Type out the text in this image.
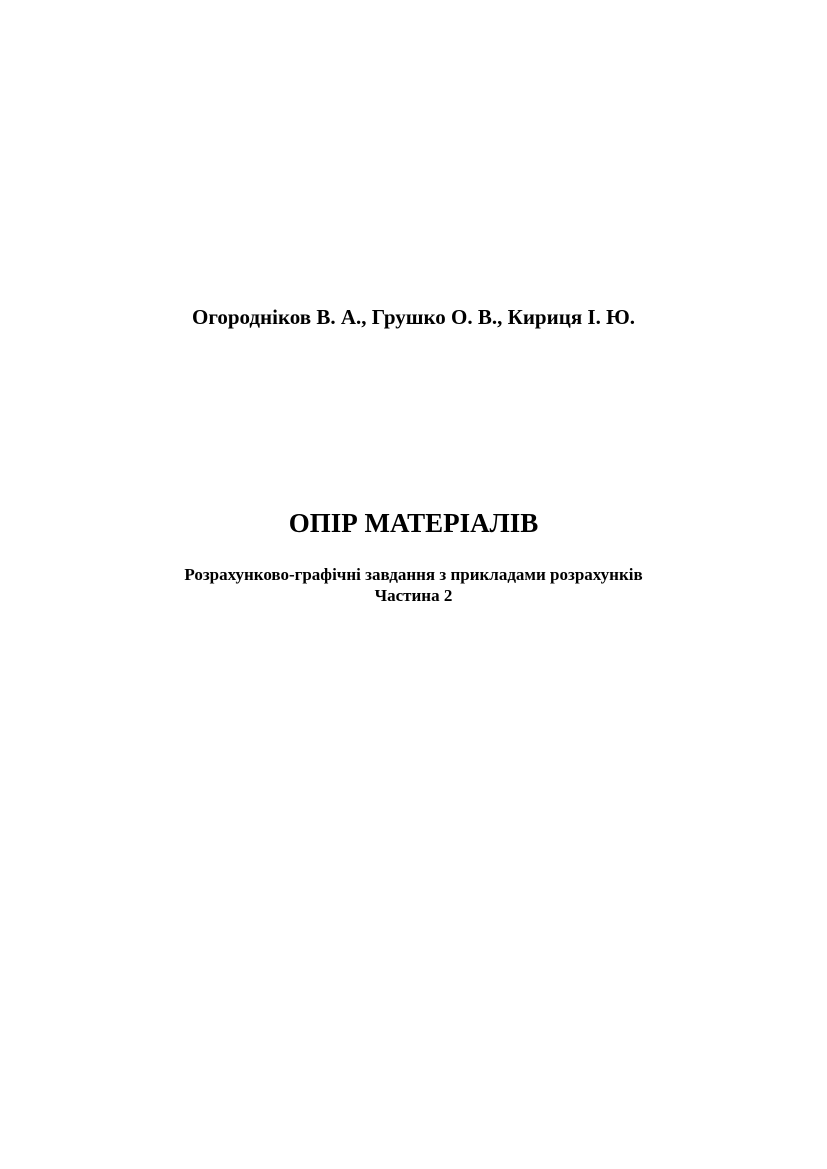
Огороднiков В. А., Грушко О. В., Кириця І. Ю.
ОПІР МАТЕРІАЛІВ
Розрахунково-графічні завдання з прикладами розрахунків
Частина 2
